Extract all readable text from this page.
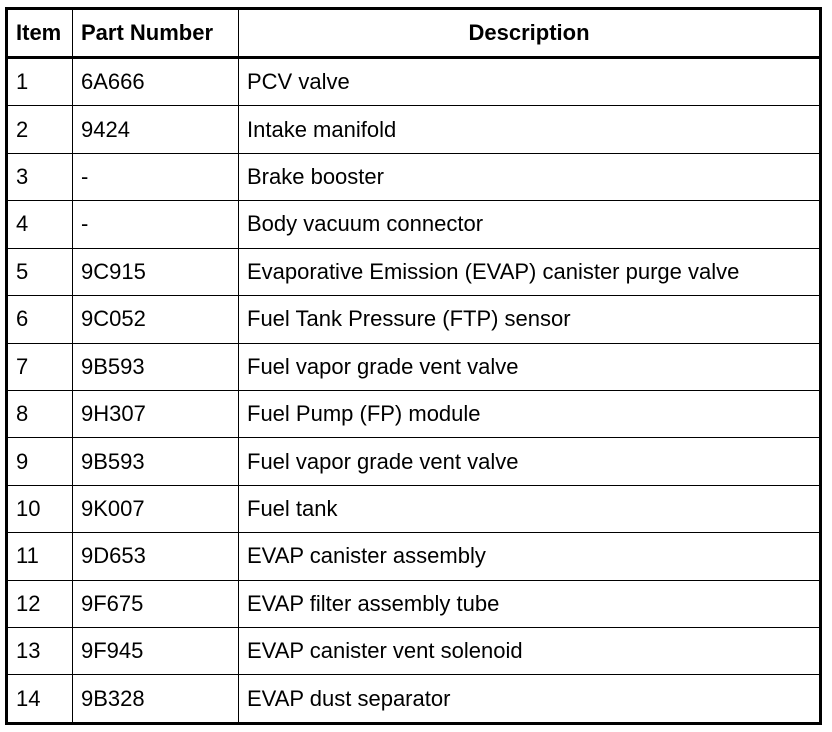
Item	Part Number	Description
1	6A666	PCV valve
2	9424	Intake manifold
3	-	Brake booster
4	-	Body vacuum connector
5	9C915	Evaporative Emission (EVAP) canister purge valve
6	9C052	Fuel Tank Pressure (FTP) sensor
7	9B593	Fuel vapor grade vent valve
8	9H307	Fuel Pump (FP) module
9	9B593	Fuel vapor grade vent valve
10	9K007	Fuel tank
11	9D653	EVAP canister assembly
12	9F675	EVAP filter assembly tube
13	9F945	EVAP canister vent solenoid
14	9B328	EVAP dust separator
